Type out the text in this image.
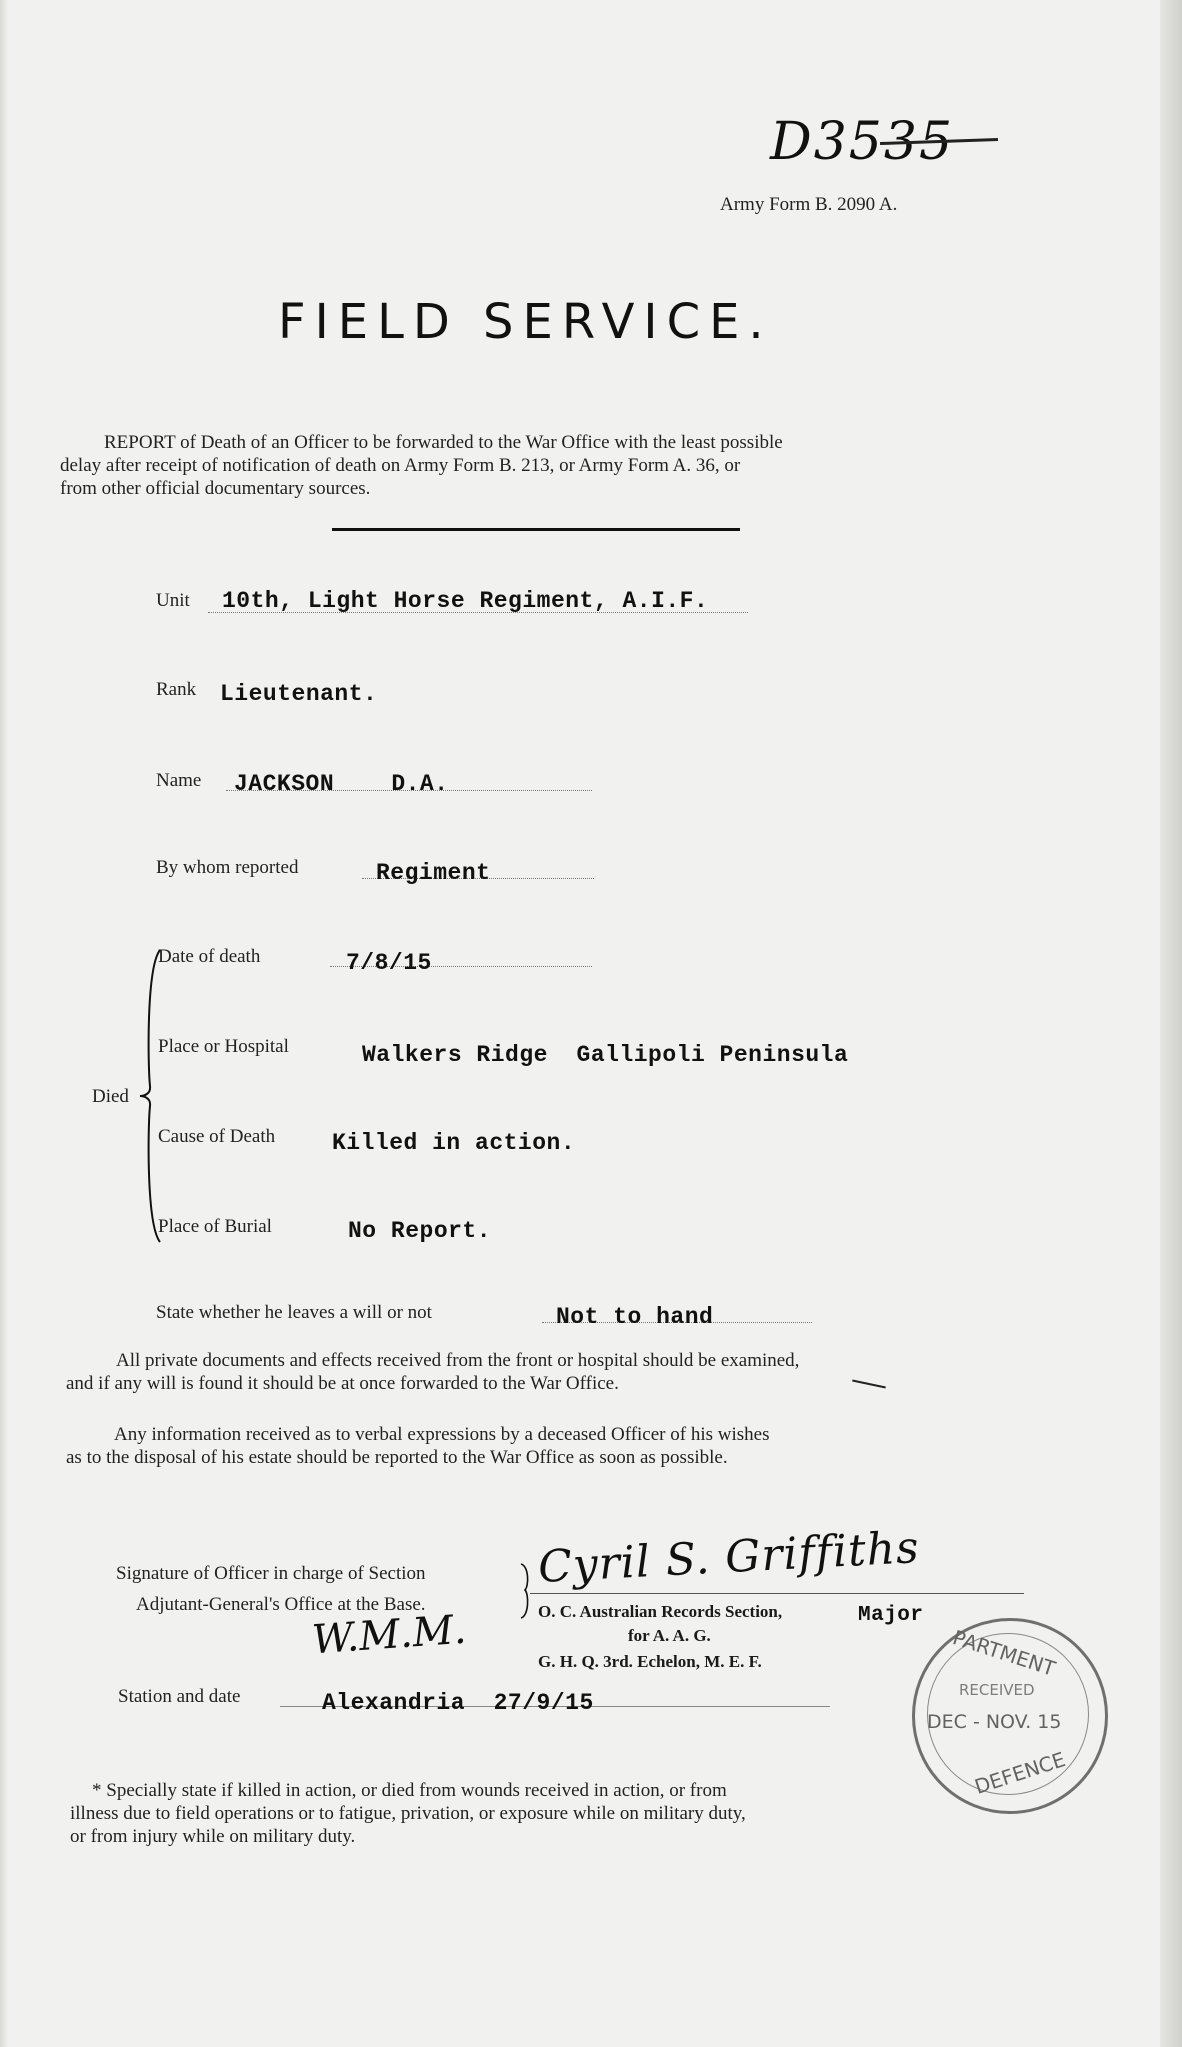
D3535
Army Form B. 2090 A.
FIELD SERVICE.
REPORT of Death of an Officer to be forwarded to the War Office with the least possible
delay after receipt of notification of death on Army Form B. 213, or Army Form A. 36, or
from other official documentary sources.
Unit 10th, Light Horse Regiment, A.I.F.
Rank Lieutenant.
Name JACKSON    D.A.
By whom reported	Regiment
Died
Date of death	7/8/15
Place or Hospital	Walkers Ridge  Gallipoli Peninsula
Cause of Death Killed in action.
Place of Burial	No Report.
State whether he leaves a will or not	Not to hand
All private documents and effects received from the front or hospital should be examined,
and if any will is found it should be at once forwarded to the War Office.
Any information received as to verbal expressions by a deceased Officer of his wishes
as to the disposal of his estate should be reported to the War Office as soon as possible.
Signature of Officer in charge of Section
Adjutant-General's Office at the Base.
Cyril S. Griffiths
O. C. Australian Records Section,	Major
for A. A. G.
G. H. Q. 3rd. Echelon, M. E. F.
W.M.M.
Station and date	Alexandria  27/9/15
PARTMENT
RECEIVED
DEC - NOV. 15
DEFENCE
* Specially state if killed in action, or died from wounds received in action, or from
illness due to field operations or to fatigue, privation, or exposure while on military duty,
or from injury while on military duty.
